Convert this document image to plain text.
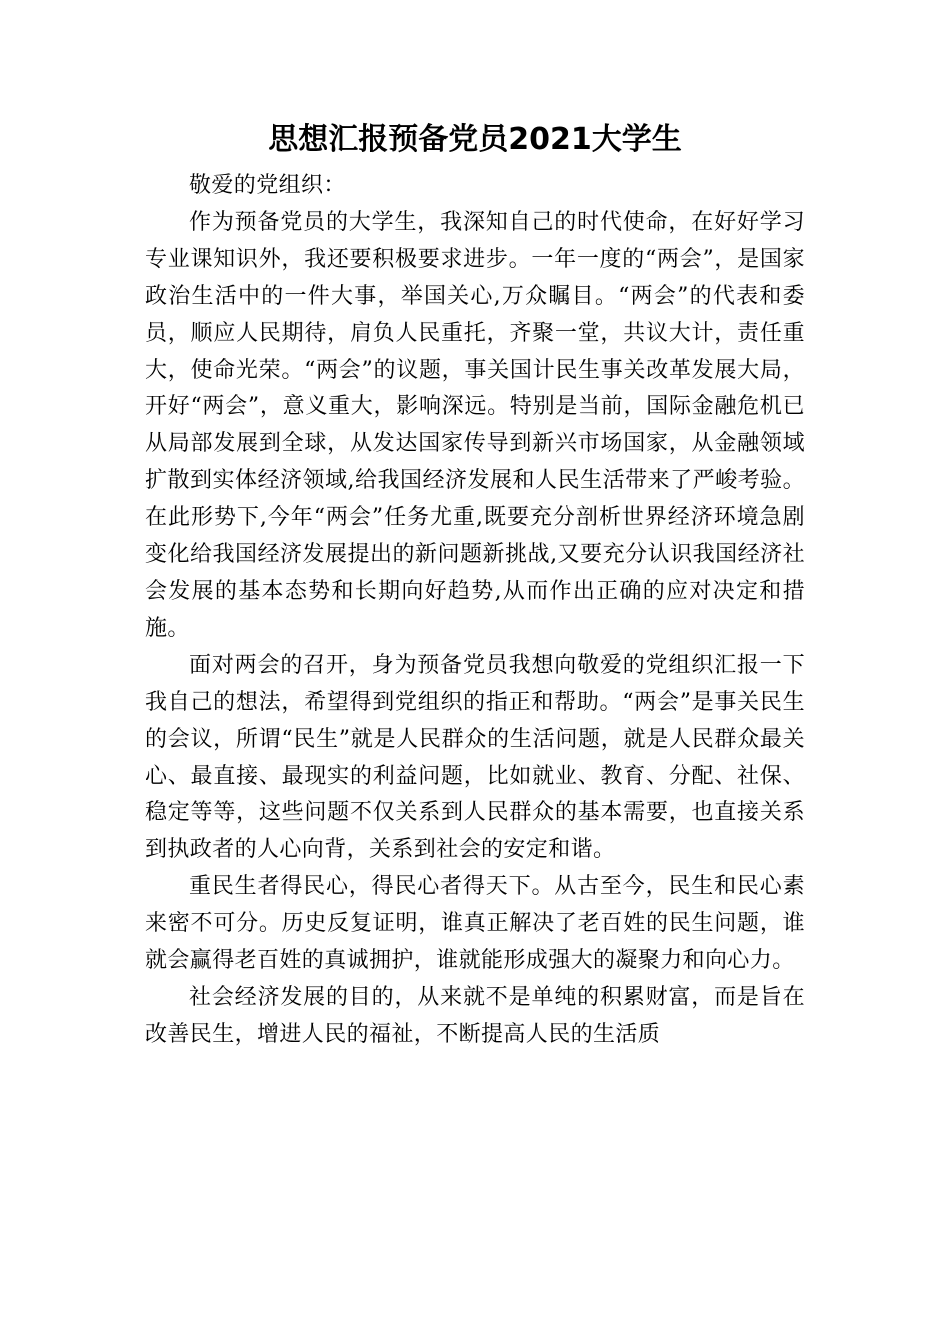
思想汇报预备党员2021大学生

敬爱的党组织：

作为预备党员的大学生，我深知自己的时代使命，在好好学习专业课知识外，我还要积极要求进步。一年一度的“两会”，是国家政治生活中的一件大事，举国关心,万众瞩目。“两会”的代表和委员，顺应人民期待，肩负人民重托，齐聚一堂，共议大计，责任重大，使命光荣。“两会”的议题，事关国计民生事关改革发展大局，开好“两会”，意义重大，影响深远。特别是当前，国际金融危机已从局部发展到全球，从发达国家传导到新兴市场国家，从金融领域扩散到实体经济领域,给我国经济发展和人民生活带来了严峻考验。在此形势下,今年“两会”任务尤重,既要充分剖析世界经济环境急剧变化给我国经济发展提出的新问题新挑战,又要充分认识我国经济社会发展的基本态势和长期向好趋势,从而作出正确的应对决定和措施。

面对两会的召开，身为预备党员我想向敬爱的党组织汇报一下我自己的想法，希望得到党组织的指正和帮助。“两会”是事关民生的会议，所谓“民生”就是人民群众的生活问题，就是人民群众最关心、最直接、最现实的利益问题，比如就业、教育、分配、社保、稳定等等，这些问题不仅关系到人民群众的基本需要，也直接关系到执政者的人心向背，关系到社会的安定和谐。

重民生者得民心，得民心者得天下。从古至今，民生和民心素来密不可分。历史反复证明，谁真正解决了老百姓的民生问题，谁就会赢得老百姓的真诚拥护，谁就能形成强大的凝聚力和向心力。

社会经济发展的目的，从来就不是单纯的积累财富，而是旨在改善民生，增进人民的福祉，不断提高人民的生活质
